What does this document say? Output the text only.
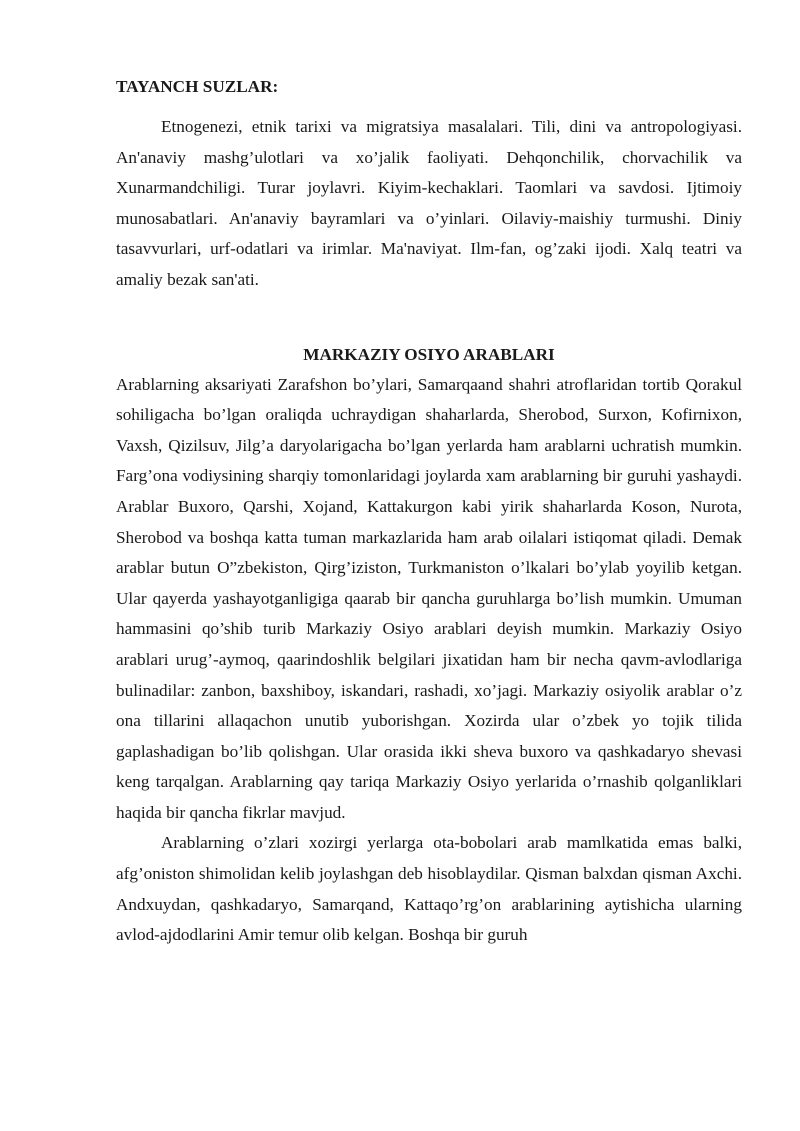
TAYANCH SUZLAR:

Etnogenezi, etnik tarixi va migratsiya masalalari. Tili, dini va antropologiyasi. An'anaviy mashg’ulotlari va xo’jalik faoliyati. Dehqonchilik, chorvachilik va Xunarmandchiligi. Turar joylavri. Kiyim-kechaklari. Taomlari va savdosi. Ijtimoiy munosabatlari. An'anaviy bayramlari va o’yinlari. Oilaviy-maishiy turmushi. Diniy tasavvurlari, urf-odatlari va irimlar. Ma'naviyat. Ilm-fan, og’zaki ijodi. Xalq teatri va amaliy bezak san'ati.

MARKAZIY OSIYO ARABLARI

Arablarning aksariyati Zarafshon bo’ylari, Samarqaand shahri atroflaridan tortib Qorakul sohiligacha bo’lgan oraliqda uchraydigan shaharlarda, Sherobod, Surxon, Kofirnixon, Vaxsh, Qizilsuv, Jilg’a daryolarigacha bo’lgan yerlarda ham arablarni uchratish mumkin. Farg’ona vodiysining sharqiy tomonlaridagi joylarda xam arablarning bir guruhi yashaydi. Arablar Buxoro, Qarshi, Xojand, Kattakurgon kabi yirik shaharlarda Koson, Nurota, Sherobod va boshqa katta tuman markazlarida ham arab oilalari istiqomat qiladi. Demak arablar butun O”zbekiston, Qirg’iziston, Turkmaniston o’lkalari bo’ylab yoyilib ketgan. Ular qayerda yashayotganligiga qaarab bir qancha guruhlarga bo’lish mumkin. Umuman hammasini qo’shib turib Markaziy Osiyo arablari deyish mumkin. Markaziy Osiyo arablari urug’-aymoq, qaarindoshlik belgilari jixatidan ham bir necha qavm-avlodlariga bulinadilar: zanbon, baxshiboy, iskandari, rashadi, xo’jagi. Markaziy osiyolik arablar o’z ona tillarini allaqachon unutib yuborishgan. Xozirda ular o’zbek yo tojik tilida gaplashadigan bo’lib qolishgan. Ular orasida ikki sheva buxoro va qashkadaryo shevasi keng tarqalgan. Arablarning qay tariqa Markaziy Osiyo yerlarida o’rnashib qolganliklari haqida bir qancha fikrlar mavjud.

Arablarning o’zlari xozirgi yerlarga ota-bobolari arab mamlkatida emas balki, afg’oniston shimolidan kelib joylashgan deb hisoblaydilar. Qisman balxdan qisman Axchi. Andxuydan, qashkadaryo, Samarqand, Kattaqo’rg’on arablarining aytishicha ularning avlod-ajdodlarini Amir temur olib kelgan. Boshqa bir guruh
